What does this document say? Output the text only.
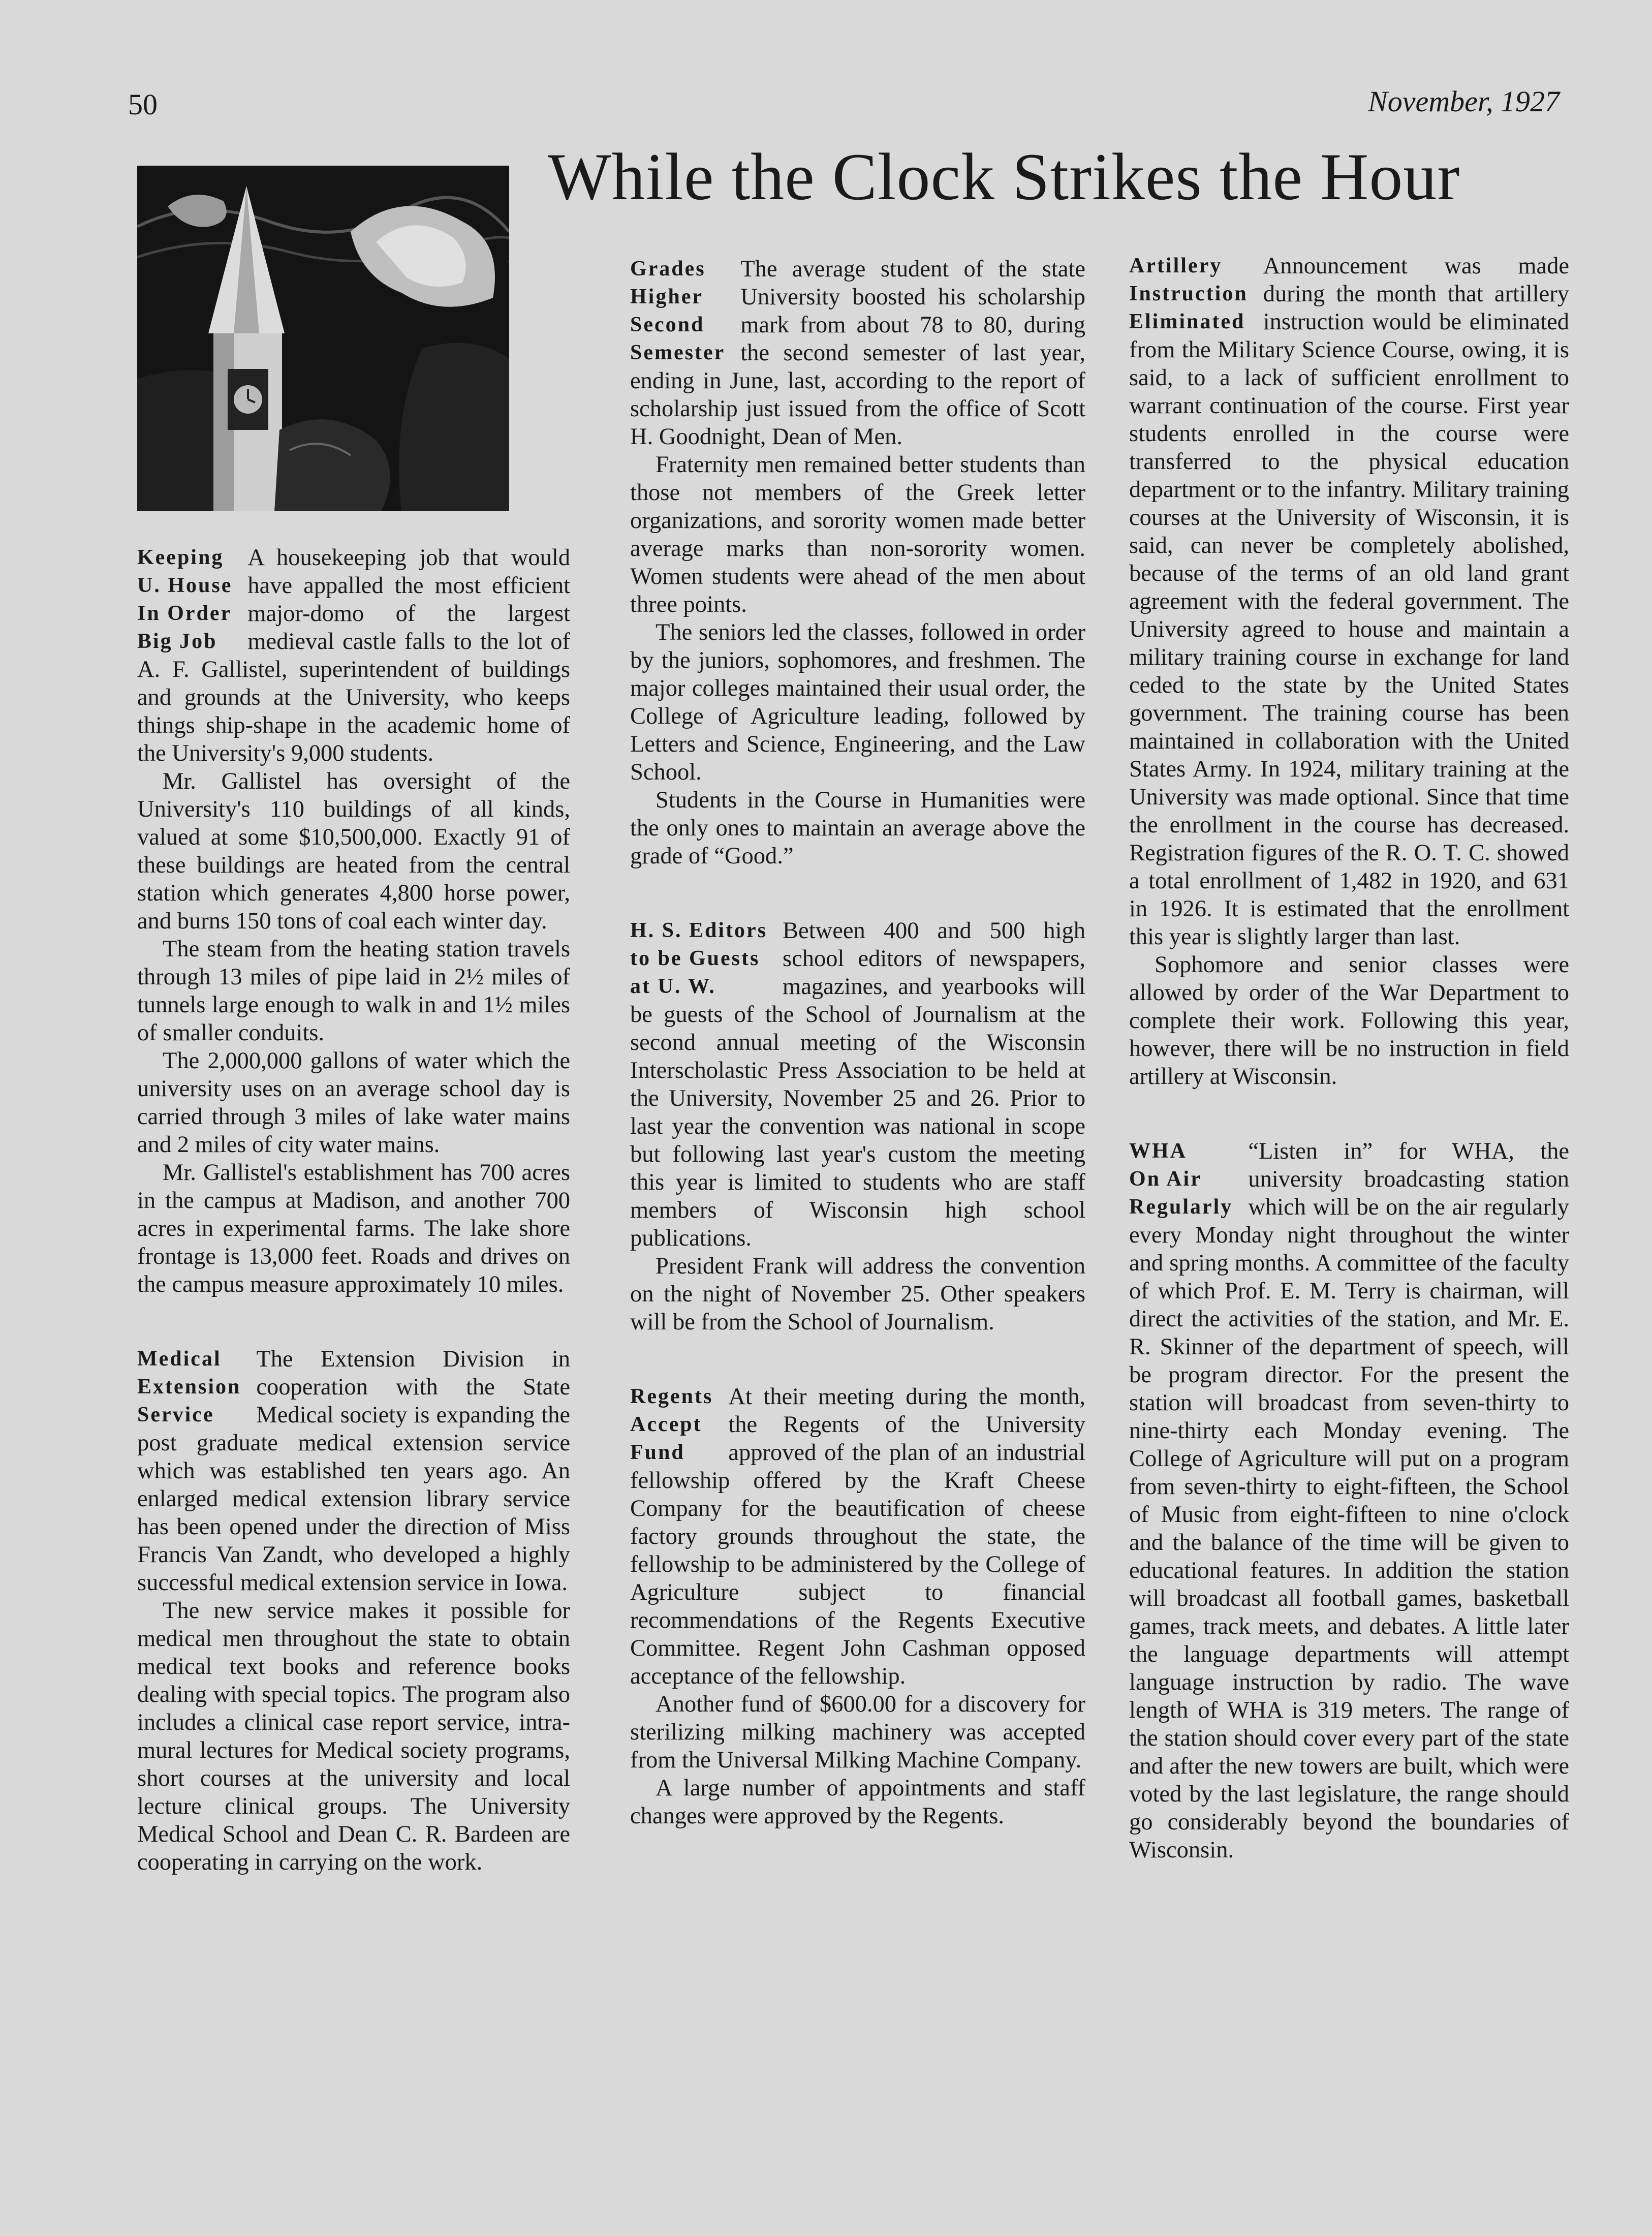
50	November, 1927
While the Clock Strikes the Hour
Keeping
U. House
In Order
Big Job

A housekeeping job that would have appalled the most efficient major-domo of the largest medieval castle falls to the lot of A. F. Gallistel, superintendent of buildings and grounds at the University, who keeps things ship-shape in the academic home of the University's 9,000 students.

Mr. Gallistel has oversight of the University's 110 buildings of all kinds, valued at some $10,500,000. Exactly 91 of these buildings are heated from the central station which generates 4,800 horse power, and burns 150 tons of coal each winter day.

The steam from the heating station travels through 13 miles of pipe laid in 2½ miles of tunnels large enough to walk in and 1½ miles of smaller conduits.

The 2,000,000 gallons of water which the university uses on an average school day is carried through 3 miles of lake water mains and 2 miles of city water mains.

Mr. Gallistel's establishment has 700 acres in the campus at Madison, and another 700 acres in experimental farms. The lake shore frontage is 13,000 feet. Roads and drives on the campus measure approximately 10 miles.

Medical
Extension
Service

The Extension Division in cooperation with the State Medical society is expanding the post graduate medical extension service which was established ten years ago. An enlarged medical extension library service has been opened under the direction of Miss Francis Van Zandt, who developed a highly successful medical extension service in Iowa.

The new service makes it possible for medical men throughout the state to obtain medical text books and reference books dealing with special topics. The program also includes a clinical case report service, intra-mural lectures for Medical society programs, short courses at the university and local lecture clinical groups. The University Medical School and Dean C. R. Bardeen are cooperating in carrying on the work.

Grades
Higher
Second
Semester

The average student of the state University boosted his scholarship mark from about 78 to 80, during the second semester of last year, ending in June, last, according to the report of scholarship just issued from the office of Scott H. Goodnight, Dean of Men.

Fraternity men remained better students than those not members of the Greek letter organizations, and sorority women made better average marks than non-sorority women. Women students were ahead of the men about three points.

The seniors led the classes, followed in order by the juniors, sophomores, and freshmen. The major colleges maintained their usual order, the College of Agriculture leading, followed by Letters and Science, Engineering, and the Law School.

Students in the Course in Humanities were the only ones to maintain an average above the grade of “Good.”

H. S. Editors
to be Guests
at U. W.

Between 400 and 500 high school editors of newspapers, magazines, and yearbooks will be guests of the School of Journalism at the second annual meeting of the Wisconsin Interscholastic Press Association to be held at the University, November 25 and 26. Prior to last year the convention was national in scope but following last year's custom the meeting this year is limited to students who are staff members of Wisconsin high school publications.

President Frank will address the convention on the night of November 25. Other speakers will be from the School of Journalism.

Regents
Accept
Fund

At their meeting during the month, the Regents of the University approved of the plan of an industrial fellowship offered by the Kraft Cheese Company for the beautification of cheese factory grounds throughout the state, the fellowship to be administered by the College of Agriculture subject to financial recommendations of the Regents Executive Committee. Regent John Cashman opposed acceptance of the fellowship.

Another fund of $600.00 for a discovery for sterilizing milking machinery was accepted from the Universal Milking Machine Company.

A large number of appointments and staff changes were approved by the Regents.

Artillery
Instruction
Eliminated

Announcement was made during the month that artillery instruction would be eliminated from the Military Science Course, owing, it is said, to a lack of sufficient enrollment to warrant continuation of the course. First year students enrolled in the course were transferred to the physical education department or to the infantry. Military training courses at the University of Wisconsin, it is said, can never be completely abolished, because of the terms of an old land grant agreement with the federal government. The University agreed to house and maintain a military training course in exchange for land ceded to the state by the United States government. The training course has been maintained in collaboration with the United States Army. In 1924, military training at the University was made optional. Since that time the enrollment in the course has decreased. Registration figures of the R. O. T. C. showed a total enrollment of 1,482 in 1920, and 631 in 1926. It is estimated that the enrollment this year is slightly larger than last.

Sophomore and senior classes were allowed by order of the War Department to complete their work. Following this year, however, there will be no instruction in field artillery at Wisconsin.

WHA
On Air
Regularly

“Listen in” for WHA, the university broadcasting station which will be on the air regularly every Monday night throughout the winter and spring months. A committee of the faculty of which Prof. E. M. Terry is chairman, will direct the activities of the station, and Mr. E. R. Skinner of the department of speech, will be program director. For the present the station will broadcast from seven-thirty to nine-thirty each Monday evening. The College of Agriculture will put on a program from seven-thirty to eight-fifteen, the School of Music from eight-fifteen to nine o'clock and the balance of the time will be given to educational features. In addition the station will broadcast all football games, basketball games, track meets, and debates. A little later the language departments will attempt language instruction by radio. The wave length of WHA is 319 meters. The range of the station should cover every part of the state and after the new towers are built, which were voted by the last legislature, the range should go considerably beyond the boundaries of Wisconsin.
